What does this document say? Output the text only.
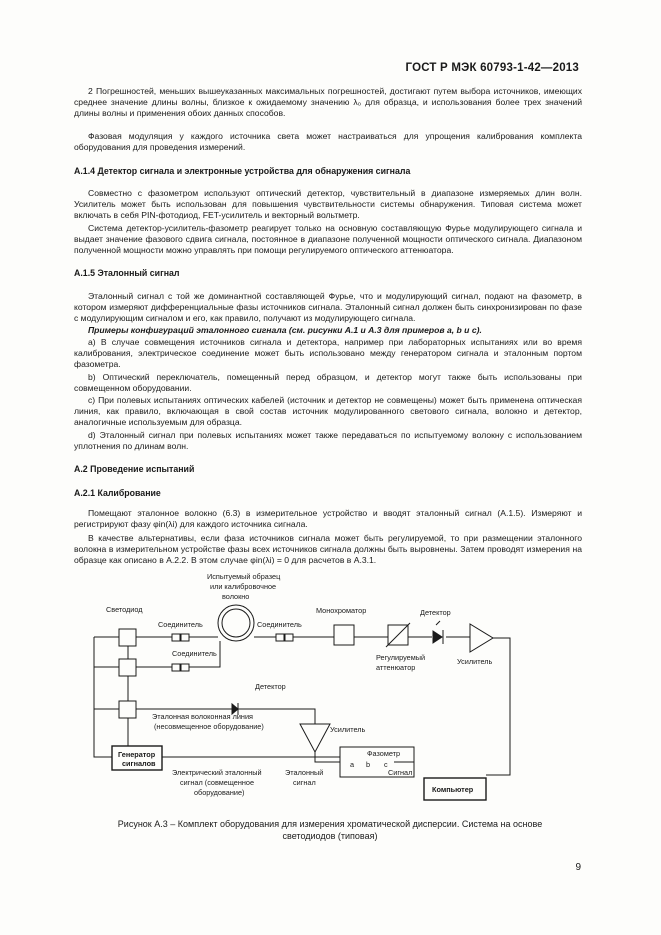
ГОСТ Р МЭК 60793-1-42—2013

2 Погрешностей, меньших вышеуказанных максимальных погрешностей, достигают путем выбора источников, имеющих среднее значение длины волны, близкое к ожидаемому значению λ₀ для образца, и использования более трех значений длины волны и применения обоих данных способов.

Фазовая модуляция у каждого источника света может настраиваться для упрощения калибрования комплекта оборудования для проведения измерений.

А.1.4 Детектор сигнала и электронные устройства для обнаружения сигнала

Совместно с фазометром используют оптический детектор, чувствительный в диапазоне измеряемых длин волн. Усилитель может быть использован для повышения чувствительности системы обнаружения. Типовая система может включать в себя PIN-фотодиод, FET-усилитель и векторный вольтметр.

Система детектор-усилитель-фазометр реагирует только на основную составляющую Фурье модулирующего сигнала и выдает значение фазового сдвига сигнала, постоянное в диапазоне полученной мощности оптического сигнала. Диапазоном полученной мощности можно управлять при помощи регулируемого оптического аттенюатора.

А.1.5 Эталонный сигнал

Эталонный сигнал с той же доминантной составляющей Фурье, что и модулирующий сигнал, подают на фазометр, в котором измеряют дифференциальные фазы источников сигнала. Эталонный сигнал должен быть синхронизирован по фазе с модулирующим сигналом и его, как правило, получают из модулирующего сигнала.

Примеры конфигураций эталонного сигнала (см. рисунки А.1 и А.3 для примеров a, b и c).

a) В случае совмещения источников сигнала и детектора, например при лабораторных испытаниях или во время калибрования, электрическое соединение может быть использовано между генератором сигнала и эталонным портом фазометра.

b) Оптический переключатель, помещенный перед образцом, и детектор могут также быть использованы при совмещенном оборудовании.

c) При полевых испытаниях оптических кабелей (источник и детектор не совмещены) может быть применена оптическая линия, как правило, включающая в свой состав источник модулированного светового сигнала, волокно и детектор, аналогичные используемым для образца.

d) Эталонный сигнал при полевых испытаниях может также передаваться по испытуемому волокну с использованием уплотнения по длинам волн.

А.2 Проведение испытаний

А.2.1 Калибрование

Помещают эталонное волокно (6.3) в измерительное устройство и вводят эталонный сигнал (А.1.5). Измеряют и регистрируют фазу φin(λi) для каждого источника сигнала.

В качестве альтернативы, если фаза источников сигнала может быть регулируемой, то при размещении эталонного волокна в измерительном устройстве фазы всех источников сигнала должны быть выровнены. Затем проводят измерения на образце как описано в А.2.2. В этом случае φin(λi) = 0 для расчетов в А.3.1.

Испытуемый образец
или калибровочное
волокно
Светодиод
Соединитель
Соединитель
Соединитель
Монохроматор	Детектор
Регулируемый
аттенюатор
Усилитель
Детектор
Эталонная волоконная линия
(несовмещенное оборудование)	Усилитель
Генератор
сигналов
Фазометр
a b c
Электрический эталонный
сигнал (совмещенное
оборудование)
Эталонный
сигнал
Сигнал
Компьютер
Рисунок А.3 – Комплект оборудования для измерения хроматической дисперсии. Система на основе
светодиодов (типовая)
9
